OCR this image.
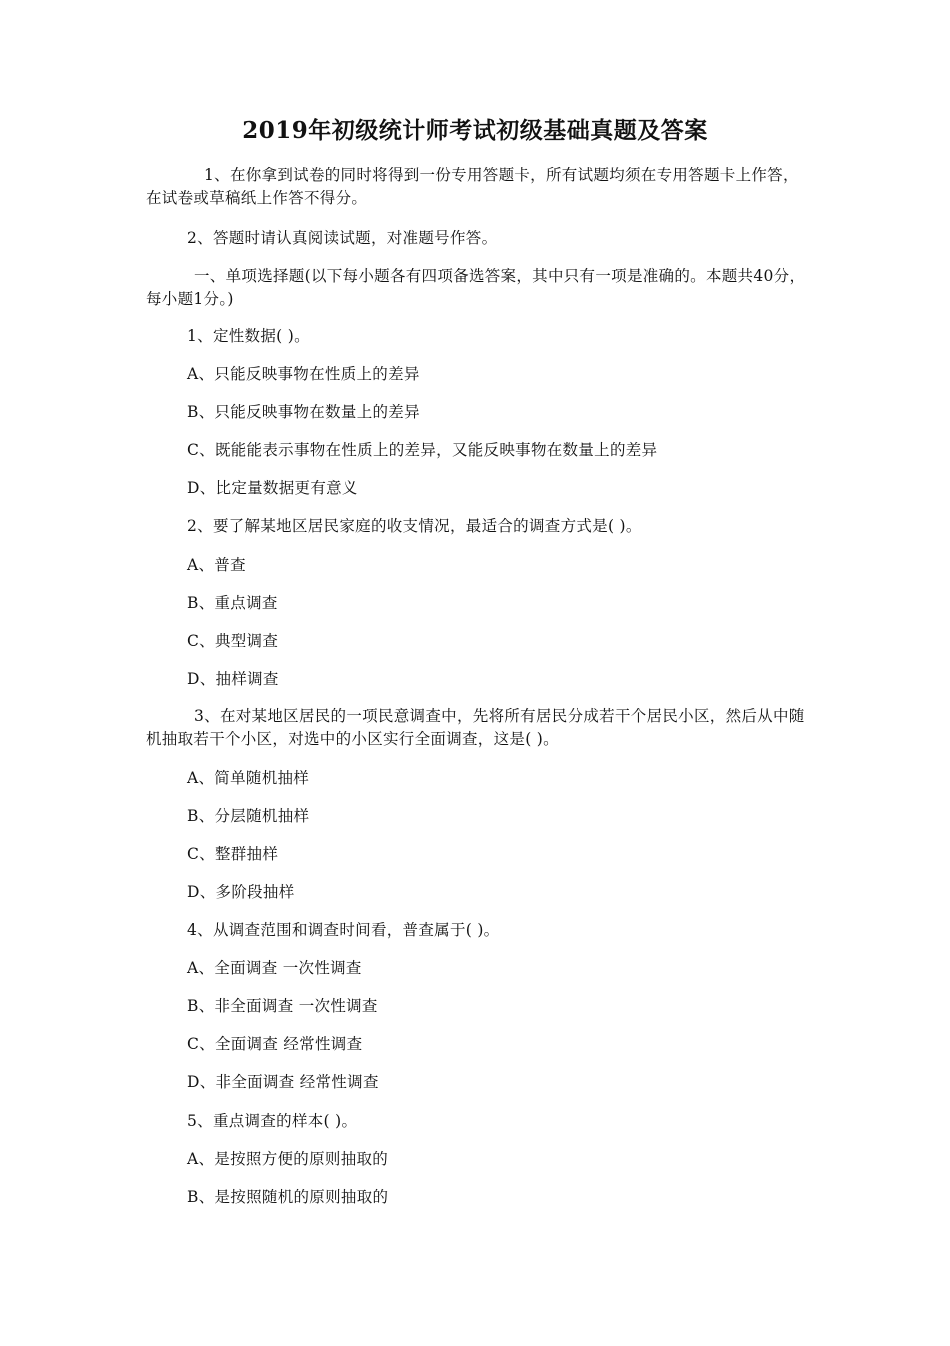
2019年初级统计师考试初级基础真题及答案
1、在你拿到试卷的同时将得到一份专用答题卡，所有试题均须在专用答题卡上作答，在试卷或草稿纸上作答不得分。
2、答题时请认真阅读试题，对准题号作答。
一、单项选择题(以下每小题各有四项备选答案，其中只有一项是准确的。本题共40分，每小题1分。)
1、定性数据( )。
A、只能反映事物在性质上的差异
B、只能反映事物在数量上的差异
C、既能能表示事物在性质上的差异，又能反映事物在数量上的差异
D、比定量数据更有意义
2、要了解某地区居民家庭的收支情况，最适合的调查方式是( )。
A、普查
B、重点调查
C、典型调查
D、抽样调查
3、在对某地区居民的一项民意调查中，先将所有居民分成若干个居民小区，然后从中随机抽取若干个小区，对选中的小区实行全面调查，这是( )。
A、简单随机抽样
B、分层随机抽样
C、整群抽样
D、多阶段抽样
4、从调查范围和调查时间看，普查属于( )。
A、全面调查 一次性调查
B、非全面调查 一次性调查
C、全面调查 经常性调查
D、非全面调查 经常性调查
5、重点调查的样本( )。
A、是按照方便的原则抽取的
B、是按照随机的原则抽取的
